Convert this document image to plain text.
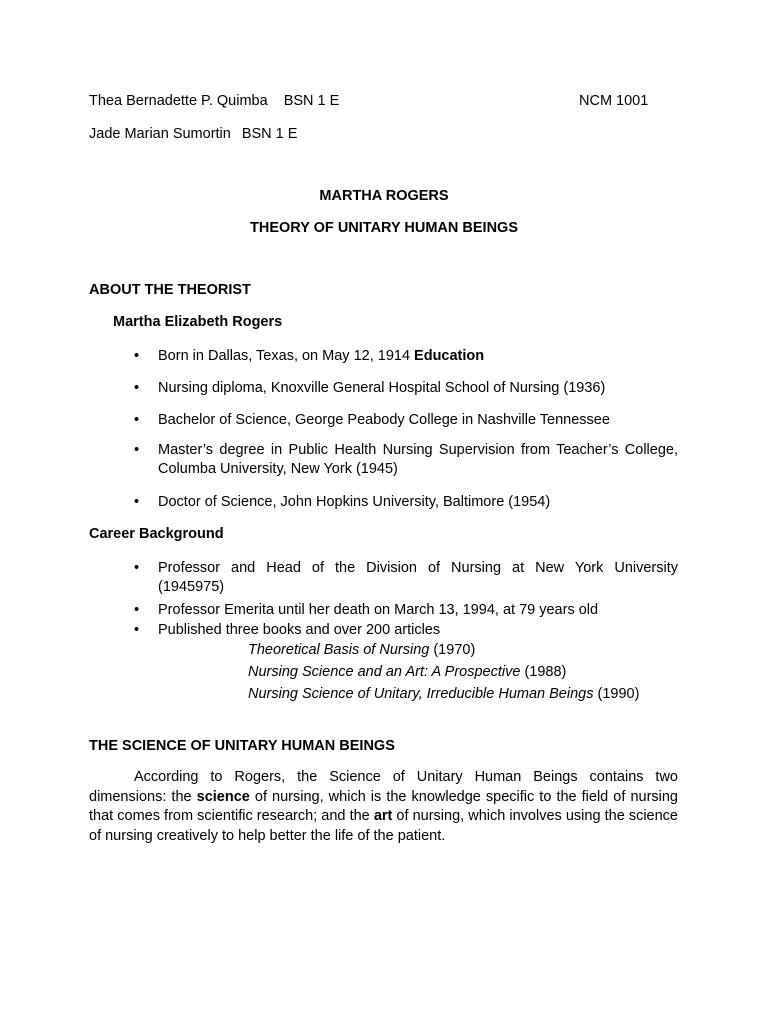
Thea Bernadette P. Quimba BSN 1 E	NCM 1001
Jade Marian Sumortin BSN 1 E
MARTHA ROGERS
THEORY OF UNITARY HUMAN BEINGS
ABOUT THE THEORIST
Martha Elizabeth Rogers
• Born in Dallas, Texas, on May 12, 1914 Education
• Nursing diploma, Knoxville General Hospital School of Nursing (1936)
• Bachelor of Science, George Peabody College in Nashville Tennessee
• Master’s degree in Public Health Nursing Supervision from Teacher’s College,
Columba University, New York (1945)
• Doctor of Science, John Hopkins University, Baltimore (1954)
Career Background
• Professor and Head of the Division of Nursing at New York University
(1945975)
• Professor Emerita until her death on March 13, 1994, at 79 years old
• Published three books and over 200 articles
Theoretical Basis of Nursing (1970)
Nursing Science and an Art: A Prospective (1988)
Nursing Science of Unitary, Irreducible Human Beings (1990)
THE SCIENCE OF UNITARY HUMAN BEINGS
According to Rogers, the Science of Unitary Human Beings contains two dimensions: the science of nursing, which is the knowledge specific to the field of nursing that comes from scientific research; and the art of nursing, which involves using the science of nursing creatively to help better the life of the patient.
